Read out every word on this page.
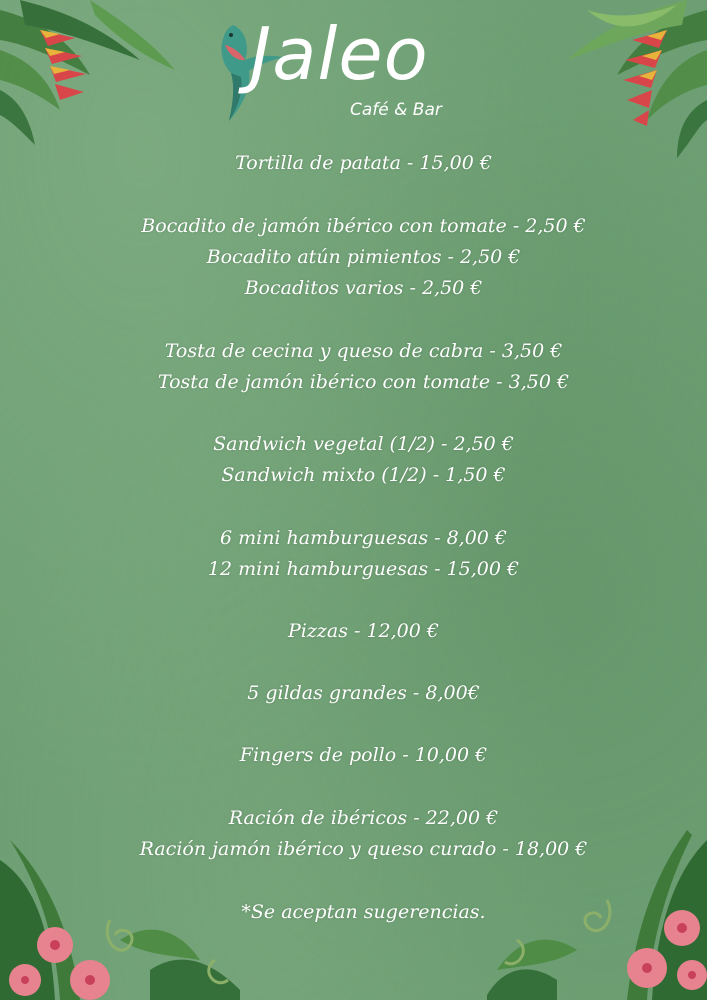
Jaleo
Café & Bar
Tortilla de patata - 15,00 €
Bocadito de jamón ibérico con tomate - 2,50 €
Bocadito atún pimientos - 2,50 €
Bocaditos varios - 2,50 €
Tosta de cecina y queso de cabra - 3,50 €
Tosta de jamón ibérico con tomate - 3,50 €
Sandwich vegetal (1/2) - 2,50 €
Sandwich mixto (1/2) - 1,50 €
6 mini hamburguesas - 8,00 €
12 mini hamburguesas - 15,00 €
Pizzas - 12,00 €
5 gildas grandes - 8,00€
Fingers de pollo - 10,00 €
Ración de ibéricos - 22,00 €
Ración jamón ibérico y queso curado - 18,00 €
*Se aceptan sugerencias.
